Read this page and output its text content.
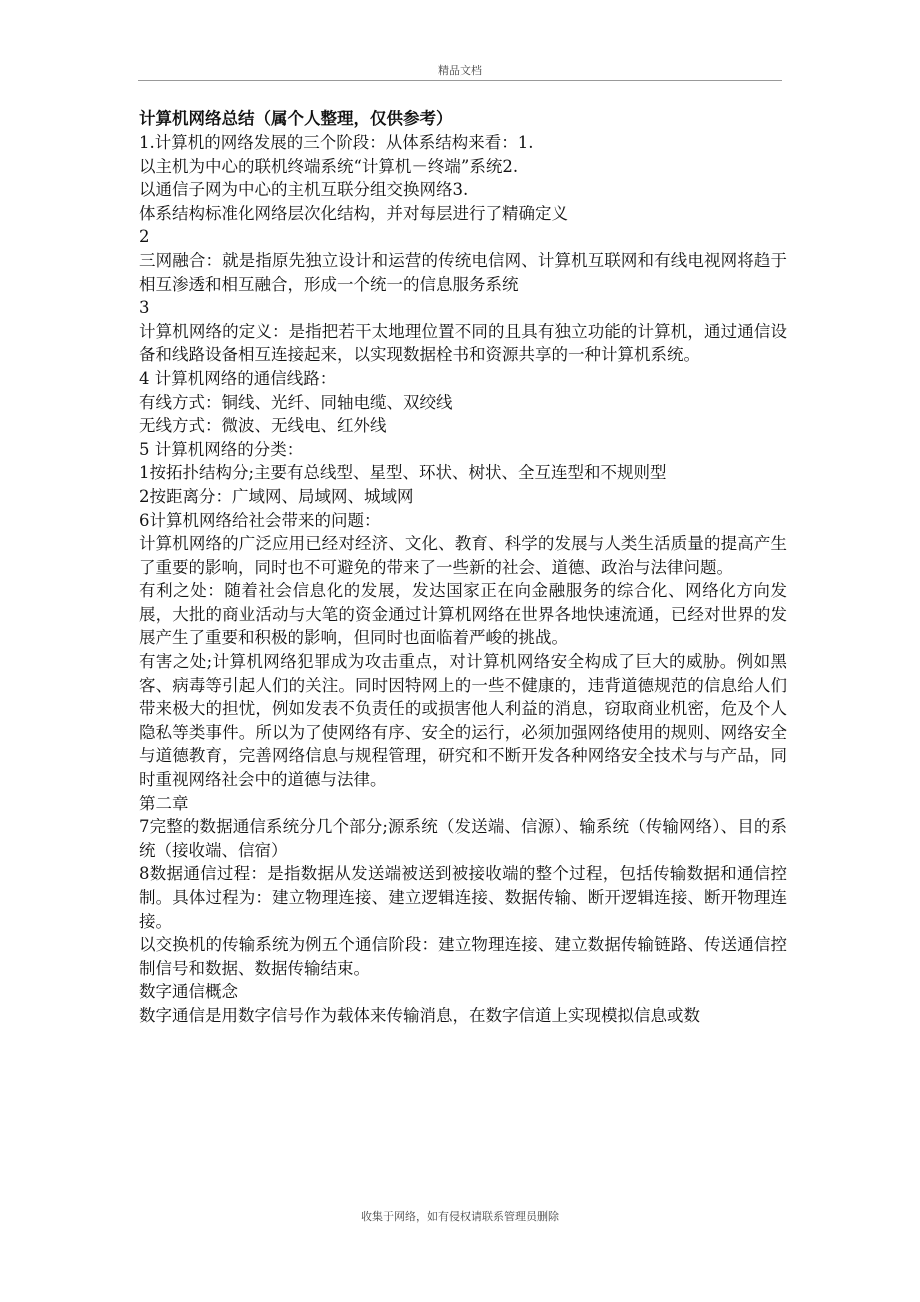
精品文档
计算机网络总结（属个人整理，仅供参考）

1.计算机的网络发展的三个阶段：从体系结构来看：1.

以主机为中心的联机终端系统“计算机－终端”系统2.

以通信子网为中心的主机互联分组交换网络3.

体系结构标准化网络层次化结构，并对每层进行了精确定义

2

三网融合：就是指原先独立设计和运营的传统电信网、计算机互联网和有线电视网将趋于相互渗透和相互融合，形成一个统一的信息服务系统

3

计算机网络的定义：是指把若干太地理位置不同的且具有独立功能的计算机，通过通信设备和线路设备相互连接起来，以实现数据栓书和资源共享的一种计算机系统。

4 计算机网络的通信线路：

有线方式：铜线、光纤、同轴电缆、双绞线

无线方式：微波、无线电、红外线

5 计算机网络的分类：

1按拓扑结构分;主要有总线型、星型、环状、树状、全互连型和不规则型

2按距离分：广域网、局域网、城域网

6计算机网络给社会带来的问题：

计算机网络的广泛应用已经对经济、文化、教育、科学的发展与人类生活质量的提高产生了重要的影响，同时也不可避免的带来了一些新的社会、道德、政治与法律问题。

有利之处：随着社会信息化的发展，发达国家正在向金融服务的综合化、网络化方向发展，大批的商业活动与大笔的资金通过计算机网络在世界各地快速流通，已经对世界的发展产生了重要和积极的影响，但同时也面临着严峻的挑战。

有害之处;计算机网络犯罪成为攻击重点，对计算机网络安全构成了巨大的威胁。例如黑客、病毒等引起人们的关注。同时因特网上的一些不健康的，违背道德规范的信息给人们带来极大的担忧，例如发表不负责任的或损害他人利益的消息，窃取商业机密，危及个人隐私等类事件。所以为了使网络有序、安全的运行，必须加强网络使用的规则、网络安全与道德教育，完善网络信息与规程管理，研究和不断开发各种网络安全技术与与产品，同时重视网络社会中的道德与法律。

第二章

7完整的数据通信系统分几个部分;源系统（发送端、信源）、输系统（传输网络）、目的系统（接收端、信宿）

8数据通信过程：是指数据从发送端被送到被接收端的整个过程，包括传输数据和通信控制。具体过程为：建立物理连接、建立逻辑连接、数据传输、断开逻辑连接、断开物理连接。

以交换机的传输系统为例五个通信阶段：建立物理连接、建立数据传输链路、传送通信控制信号和数据、数据传输结束。

数字通信概念

数字通信是用数字信号作为载体来传输消息，在数字信道上实现模拟信息或数

收集于网络，如有侵权请联系管理员删除
